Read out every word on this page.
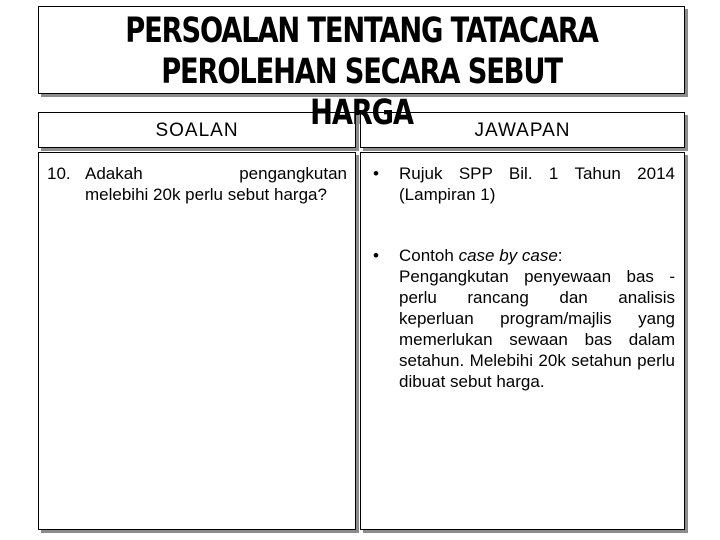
PERSOALAN TENTANG TATACARA
PEROLEHAN SECARA SEBUT HARGA
SOALAN	JAWAPAN
10. Adakah	pengangkutan
melebihi 20k perlu sebut harga?
• Rujuk SPP Bil. 1 Tahun 2014 (Lampiran 1)
• Contoh case by case:
Pengangkutan penyewaan bas - perlu rancang dan analisis keperluan program/majlis yang memerlukan sewaan bas dalam setahun. Melebihi 20k setahun perlu dibuat sebut harga.
